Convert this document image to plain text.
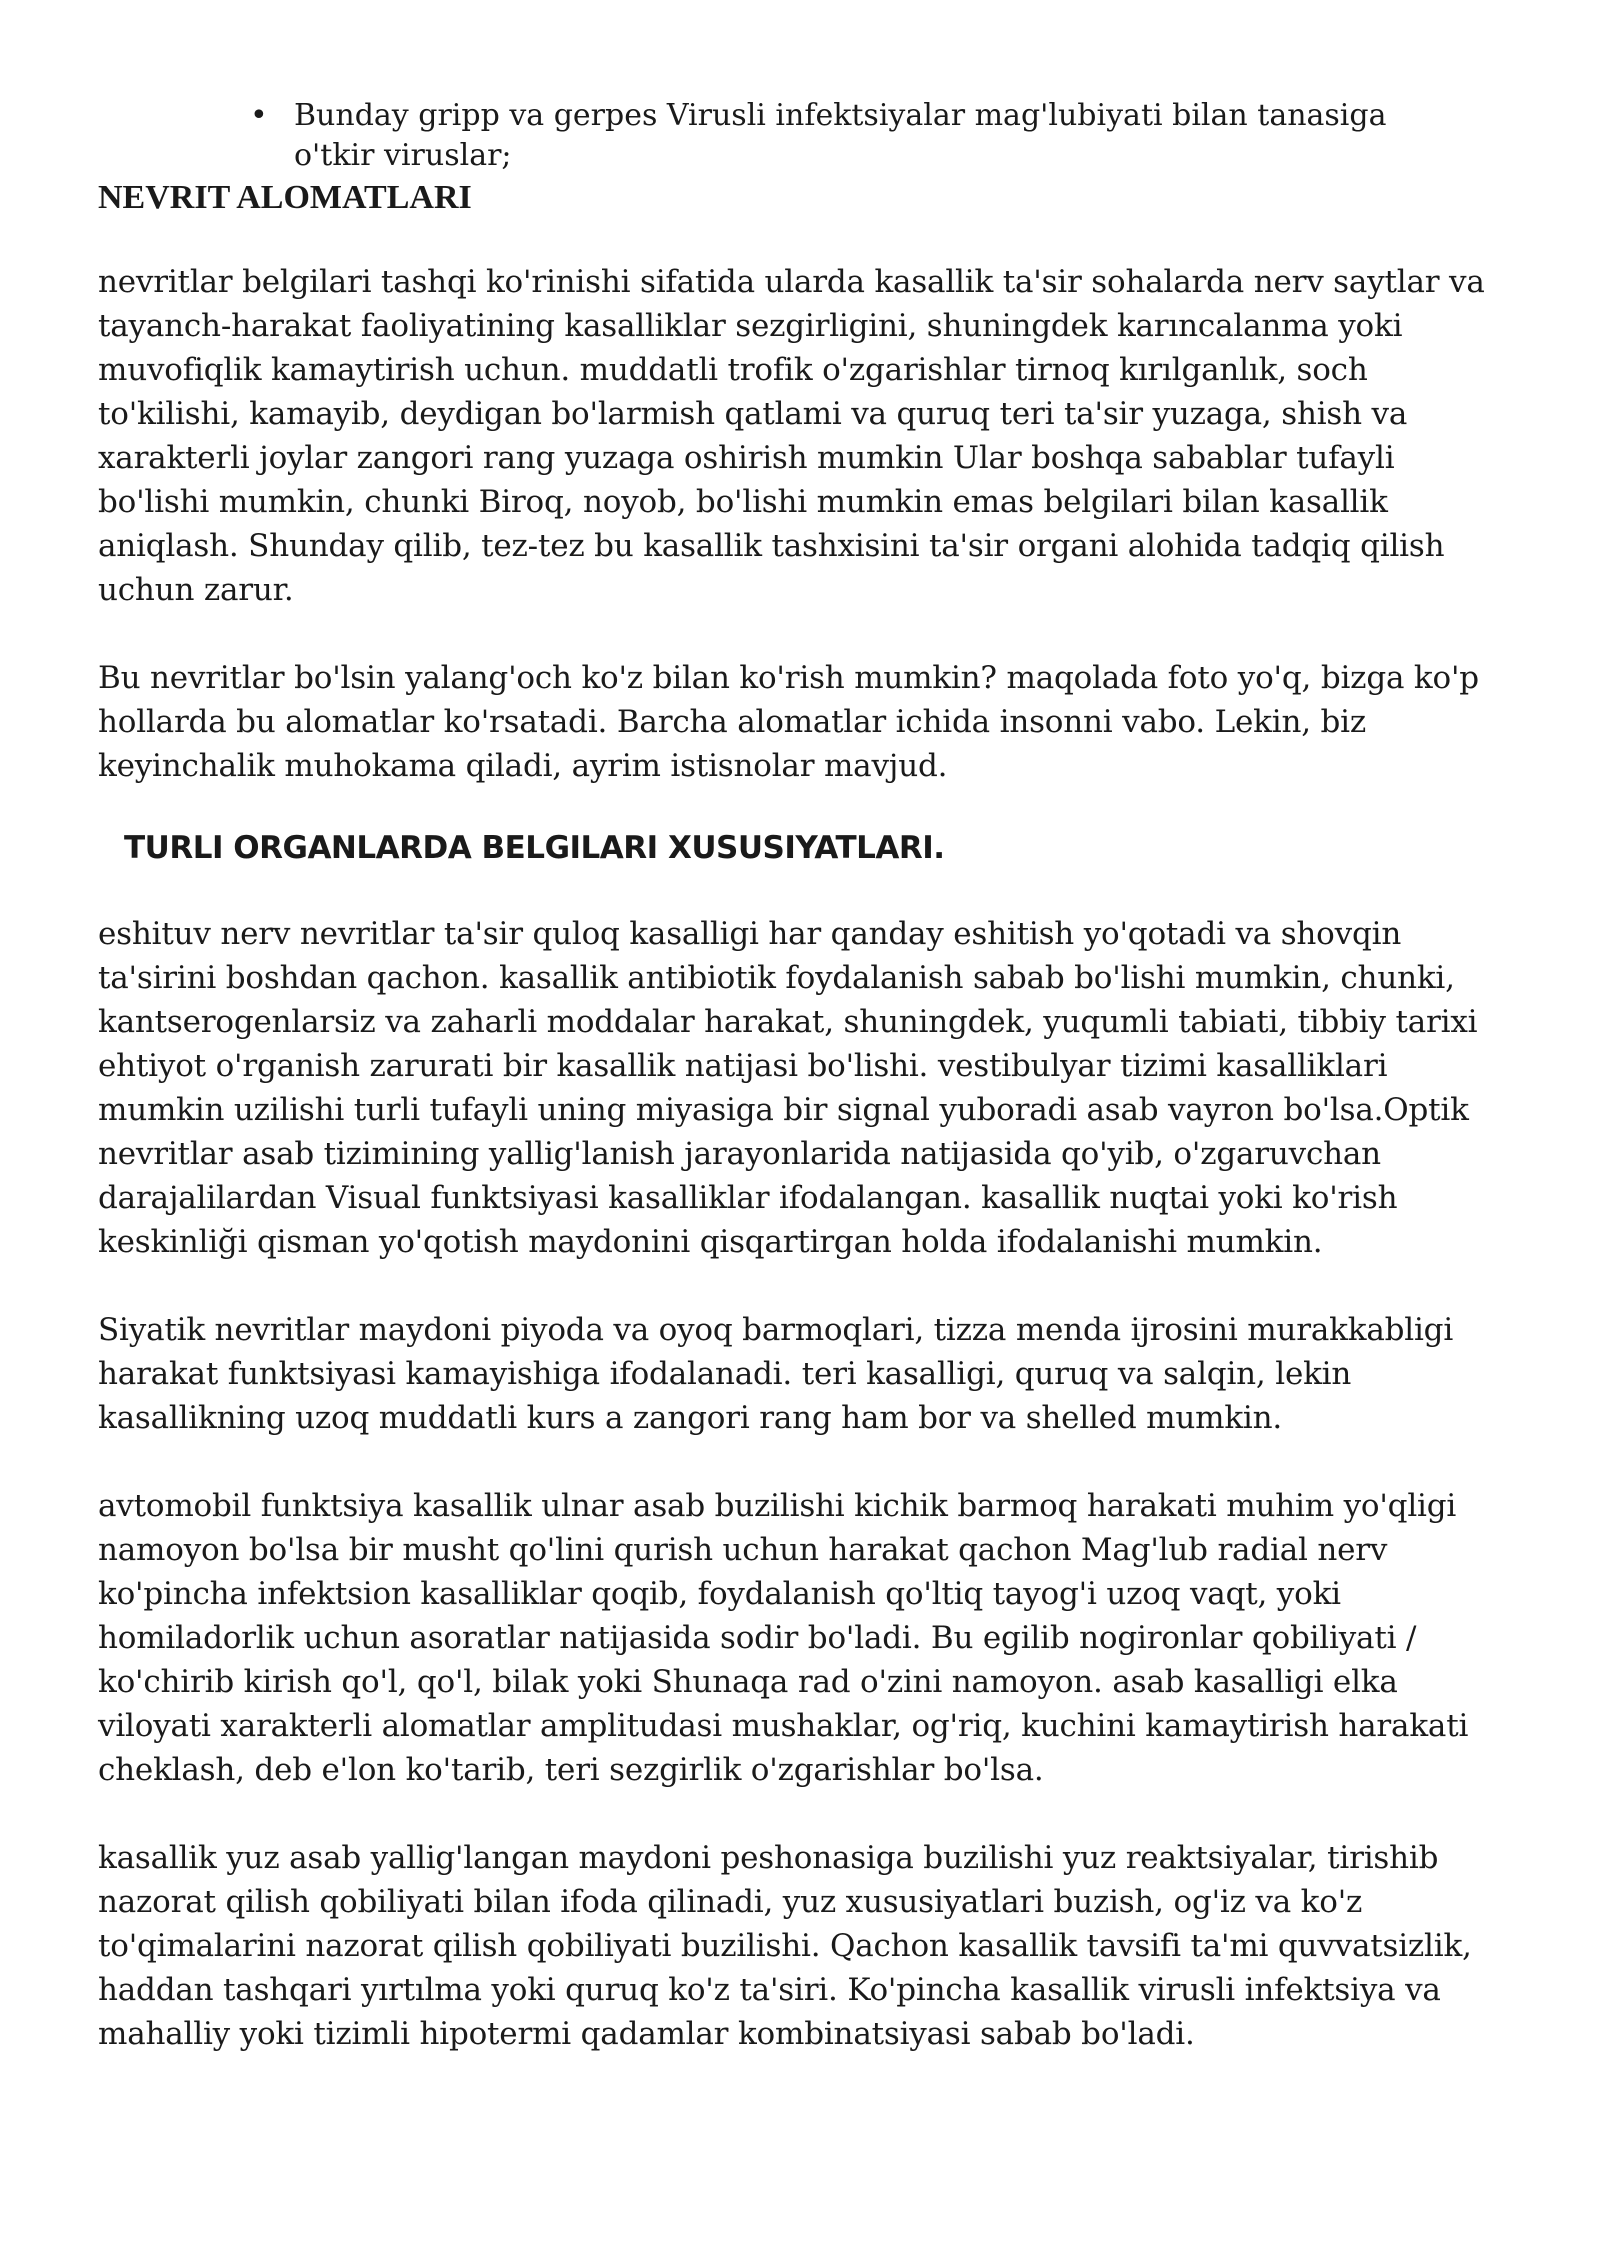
• Bunday gripp va gerpes Virusli infektsiyalar mag'lubiyati bilan tanasiga o'tkir viruslar;
NEVRIT ALOMATLARI

nevritlar belgilari tashqi ko'rinishi sifatida ularda kasallik ta'sir sohalarda nerv saytlar va tayanch-harakat faoliyatining kasalliklar sezgirligini, shuningdek karıncalanma yoki muvofiqlik kamaytirish uchun. muddatli trofik o'zgarishlar tirnoq kırılganlık, soch to'kilishi, kamayib, deydigan bo'larmish qatlami va quruq teri ta'sir yuzaga, shish va xarakterli joylar zangori rang yuzaga oshirish mumkin Ular boshqa sabablar tufayli bo'lishi mumkin, chunki Biroq, noyob, bo'lishi mumkin emas belgilari bilan kasallik aniqlash. Shunday qilib, tez-tez bu kasallik tashxisini ta'sir organi alohida tadqiq qilish uchun zarur.

Bu nevritlar bo'lsin yalang'och ko'z bilan ko'rish mumkin? maqolada foto yo'q, bizga ko'p hollarda bu alomatlar ko'rsatadi. Barcha alomatlar ichida insonni vabo. Lekin, biz keyinchalik muhokama qiladi, ayrim istisnolar mavjud.

TURLI ORGANLARDA BELGILARI XUSUSIYATLARI.

eshituv nerv nevritlar ta'sir quloq kasalligi har qanday eshitish yo'qotadi va shovqin ta'sirini boshdan qachon. kasallik antibiotik foydalanish sabab bo'lishi mumkin, chunki, kantserogenlarsiz va zaharli moddalar harakat, shuningdek, yuqumli tabiati, tibbiy tarixi ehtiyot o'rganish zarurati bir kasallik natijasi bo'lishi. vestibulyar tizimi kasalliklari mumkin uzilishi turli tufayli uning miyasiga bir signal yuboradi asab vayron bo'lsa.Optik nevritlar asab tizimining yallig'lanish jarayonlarida natijasida qo'yib, o'zgaruvchan darajalilardan Visual funktsiyasi kasalliklar ifodalangan. kasallik nuqtai yoki ko'rish keskinliği qisman yo'qotish maydonini qisqartirgan holda ifodalanishi mumkin.

Siyatik nevritlar maydoni piyoda va oyoq barmoqlari, tizza menda ijrosini murakkabligi harakat funktsiyasi kamayishiga ifodalanadi. teri kasalligi, quruq va salqin, lekin kasallikning uzoq muddatli kurs a zangori rang ham bor va shelled mumkin.

avtomobil funktsiya kasallik ulnar asab buzilishi kichik barmoq harakati muhim yo'qligi namoyon bo'lsa bir musht qo'lini qurish uchun harakat qachon Mag'lub radial nerv ko'pincha infektsion kasalliklar qoqib, foydalanish qo'ltiq tayog'i uzoq vaqt, yoki homiladorlik uchun asoratlar natijasida sodir bo'ladi. Bu egilib nogironlar qobiliyati / ko'chirib kirish qo'l, qo'l, bilak yoki Shunaqa rad o'zini namoyon. asab kasalligi elka viloyati xarakterli alomatlar amplitudasi mushaklar, og'riq, kuchini kamaytirish harakati cheklash, deb e'lon ko'tarib, teri sezgirlik o'zgarishlar bo'lsa.

kasallik yuz asab yallig'langan maydoni peshonasiga buzilishi yuz reaktsiyalar, tirishib nazorat qilish qobiliyati bilan ifoda qilinadi, yuz xususiyatlari buzish, og'iz va ko'z to'qimalarini nazorat qilish qobiliyati buzilishi. Qachon kasallik tavsifi ta'mi quvvatsizlik, haddan tashqari yırtılma yoki quruq ko'z ta'siri. Ko'pincha kasallik virusli infektsiya va mahalliy yoki tizimli hipotermi qadamlar kombinatsiyasi sabab bo'ladi.
